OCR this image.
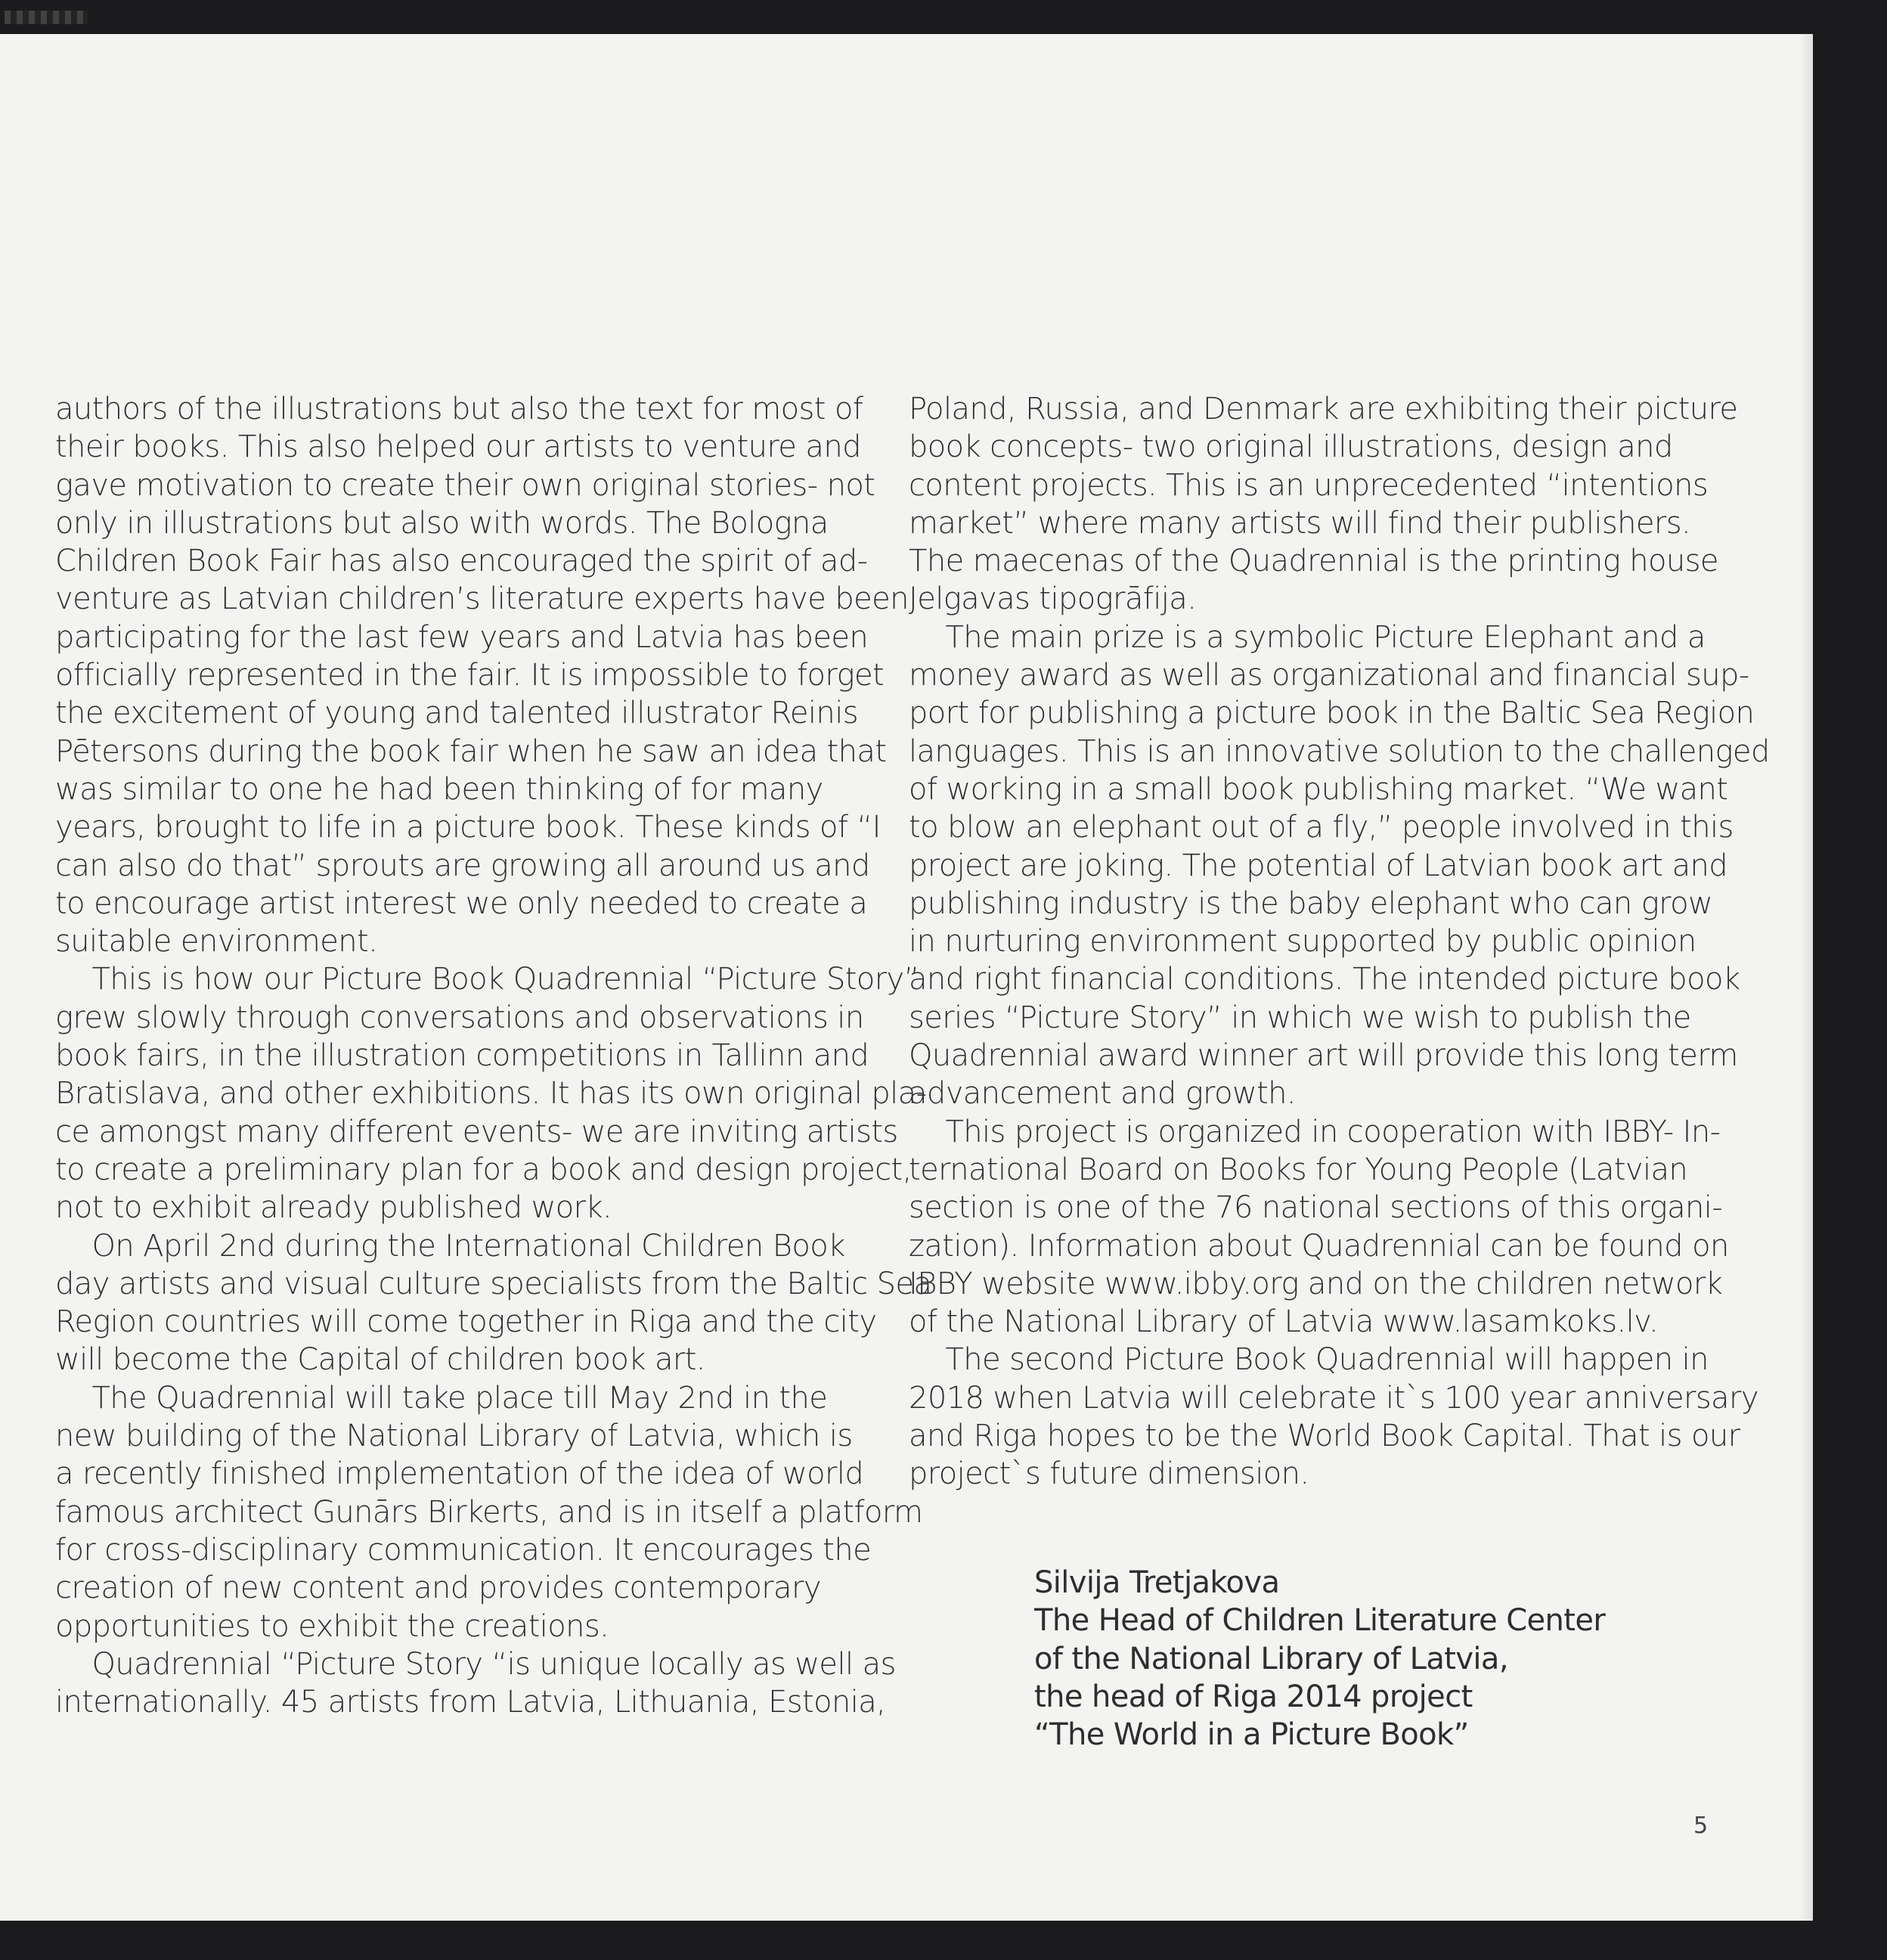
authors of the illustrations but also the text for most of
their books. This also helped our artists to venture and
gave motivation to create their own original stories- not
only in illustrations but also with words. The Bologna
Children Book Fair has also encouraged the spirit of ad-
venture as Latvian children’s literature experts have been
participating for the last few years and Latvia has been
officially represented in the fair. It is impossible to forget
the excitement of young and talented illustrator Reinis
Pētersons during the book fair when he saw an idea that
was similar to one he had been thinking of for many
years, brought to life in a picture book. These kinds of “I
can also do that” sprouts are growing all around us and
to encourage artist interest we only needed to create a
suitable environment.
This is how our Picture Book Quadrennial “Picture Story”
grew slowly through conversations and observations in
book fairs, in the illustration competitions in Tallinn and
Bratislava, and other exhibitions. It has its own original pla-
ce amongst many different events- we are inviting artists
to create a preliminary plan for a book and design project,
not to exhibit already published work.
On April 2nd during the International Children Book
day artists and visual culture specialists from the Baltic Sea
Region countries will come together in Riga and the city
will become the Capital of children book art.
The Quadrennial will take place till May 2nd in the
new building of the National Library of Latvia, which is
a recently finished implementation of the idea of world
famous architect Gunārs Birkerts, and is in itself a platform
for cross-disciplinary communication. It encourages the
creation of new content and provides contemporary
opportunities to exhibit the creations.
Quadrennial “Picture Story “is unique locally as well as
internationally. 45 artists from Latvia, Lithuania, Estonia,
Poland, Russia, and Denmark are exhibiting their picture
book concepts- two original illustrations, design and
content projects. This is an unprecedented “intentions
market” where many artists will find their publishers.
The maecenas of the Quadrennial is the printing house
Jelgavas tipogrāfija.
The main prize is a symbolic Picture Elephant and a
money award as well as organizational and financial sup-
port for publishing a picture book in the Baltic Sea Region
languages. This is an innovative solution to the challenged
of working in a small book publishing market. “We want
to blow an elephant out of a fly,” people involved in this
project are joking. The potential of Latvian book art and
publishing industry is the baby elephant who can grow
in nurturing environment supported by public opinion
and right financial conditions. The intended picture book
series “Picture Story” in which we wish to publish the
Quadrennial award winner art will provide this long term
advancement and growth.
This project is organized in cooperation with IBBY- In-
ternational Board on Books for Young People (Latvian
section is one of the 76 national sections of this organi-
zation). Information about Quadrennial can be found on
IBBY website www.ibby.org and on the children network
of the National Library of Latvia www.lasamkoks.lv.
The second Picture Book Quadrennial will happen in
2018 when Latvia will celebrate it`s 100 year anniversary
and Riga hopes to be the World Book Capital. That is our
project`s future dimension.
Silvija Tretjakova
The Head of Children Literature Center
of the National Library of Latvia,
the head of Riga 2014 project
“The World in a Picture Book”
5
